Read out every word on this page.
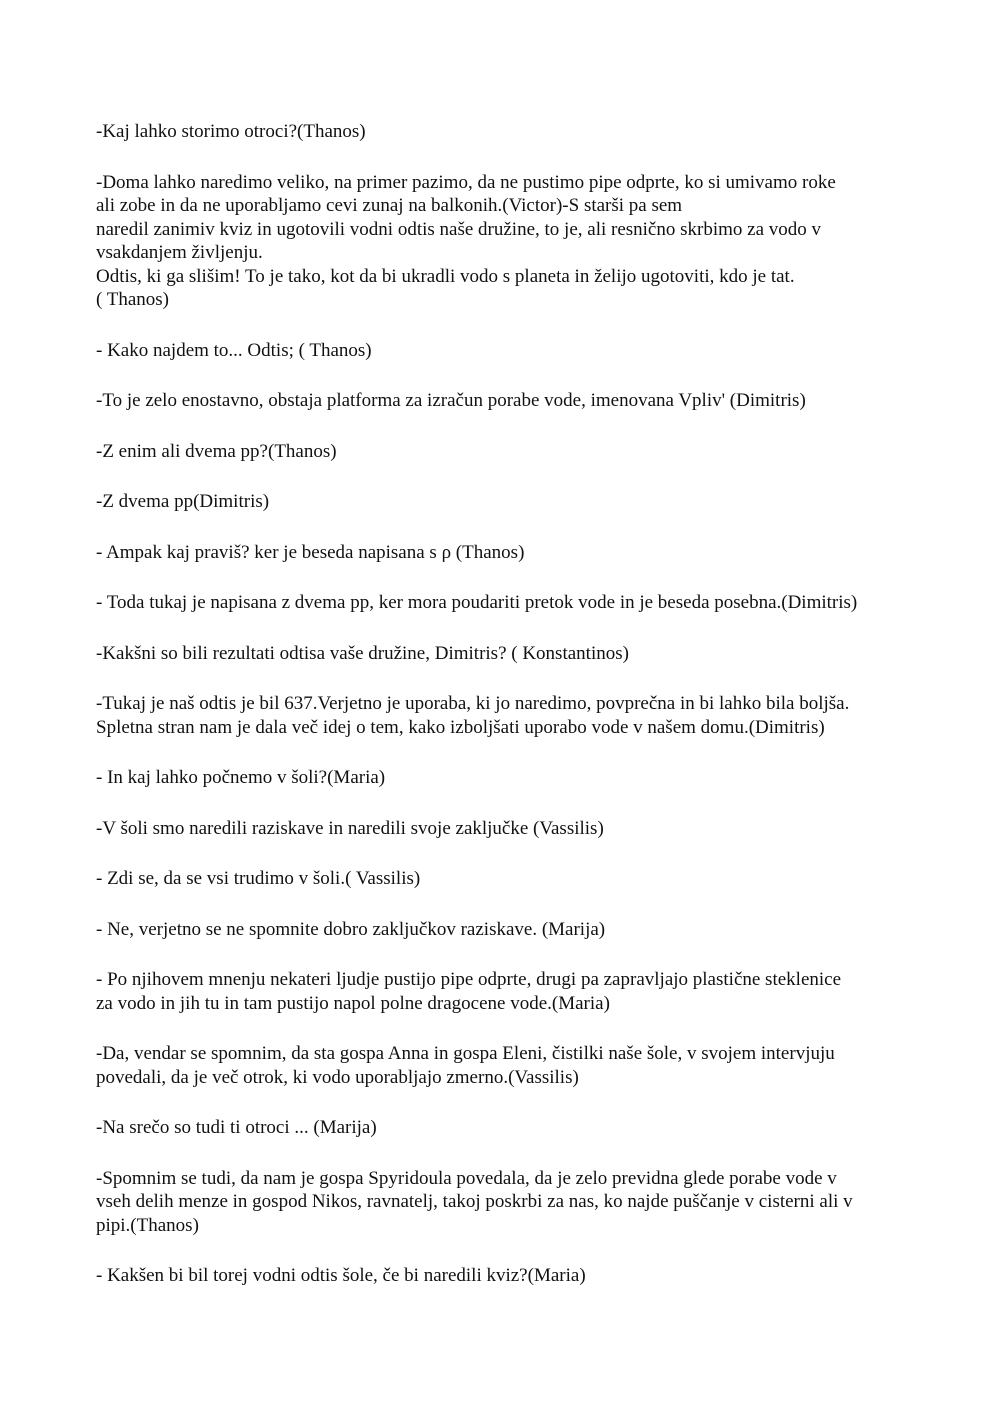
-Kaj lahko storimo otroci?(Thanos)
-Doma lahko naredimo veliko, na primer pazimo, da ne pustimo pipe odprte, ko si umivamo roke
ali zobe in da ne uporabljamo cevi zunaj na balkonih.(Victor)-S starši pa sem
naredil zanimiv kviz in ugotovili vodni odtis naše družine, to je, ali resnično skrbimo za vodo v
vsakdanjem življenju.
Odtis, ki ga slišim! To je tako, kot da bi ukradli vodo s planeta in želijo ugotoviti, kdo je tat.
( Thanos)
- Kako najdem to... Odtis; ( Thanos)
-To je zelo enostavno, obstaja platforma za izračun porabe vode, imenovana Vpliv' (Dimitris)
-Z enim ali dvema pp?(Thanos)
-Z dvema pp(Dimitris)
- Ampak kaj praviš? ker je beseda napisana s ρ (Thanos)
- Toda tukaj je napisana z dvema pp, ker mora poudariti pretok vode in je beseda posebna.(Dimitris)
-Kakšni so bili rezultati odtisa vaše družine, Dimitris? ( Konstantinos)
-Tukaj je naš odtis je bil 637.Verjetno je uporaba, ki jo naredimo, povprečna in bi lahko bila boljša.
Spletna stran nam je dala več idej o tem, kako izboljšati uporabo vode v našem domu.(Dimitris)
- In kaj lahko počnemo v šoli?(Maria)
-V šoli smo naredili raziskave in naredili svoje zaključke (Vassilis)
- Zdi se, da se vsi trudimo v šoli.( Vassilis)
- Ne, verjetno se ne spomnite dobro zaključkov raziskave. (Marija)
- Po njihovem mnenju nekateri ljudje pustijo pipe odprte, drugi pa zapravljajo plastične steklenice
za vodo in jih tu in tam pustijo napol polne dragocene vode.(Maria)
-Da, vendar se spomnim, da sta gospa Anna in gospa Eleni, čistilki naše šole, v svojem intervjuju
povedali, da je več otrok, ki vodo uporabljajo zmerno.(Vassilis)
-Na srečo so tudi ti otroci ... (Marija)
-Spomnim se tudi, da nam je gospa Spyridoula povedala, da je zelo previdna glede porabe vode v
vseh delih menze in gospod Nikos, ravnatelj, takoj poskrbi za nas, ko najde puščanje v cisterni ali v
pipi.(Thanos)
- Kakšen bi bil torej vodni odtis šole, če bi naredili kviz?(Maria)
